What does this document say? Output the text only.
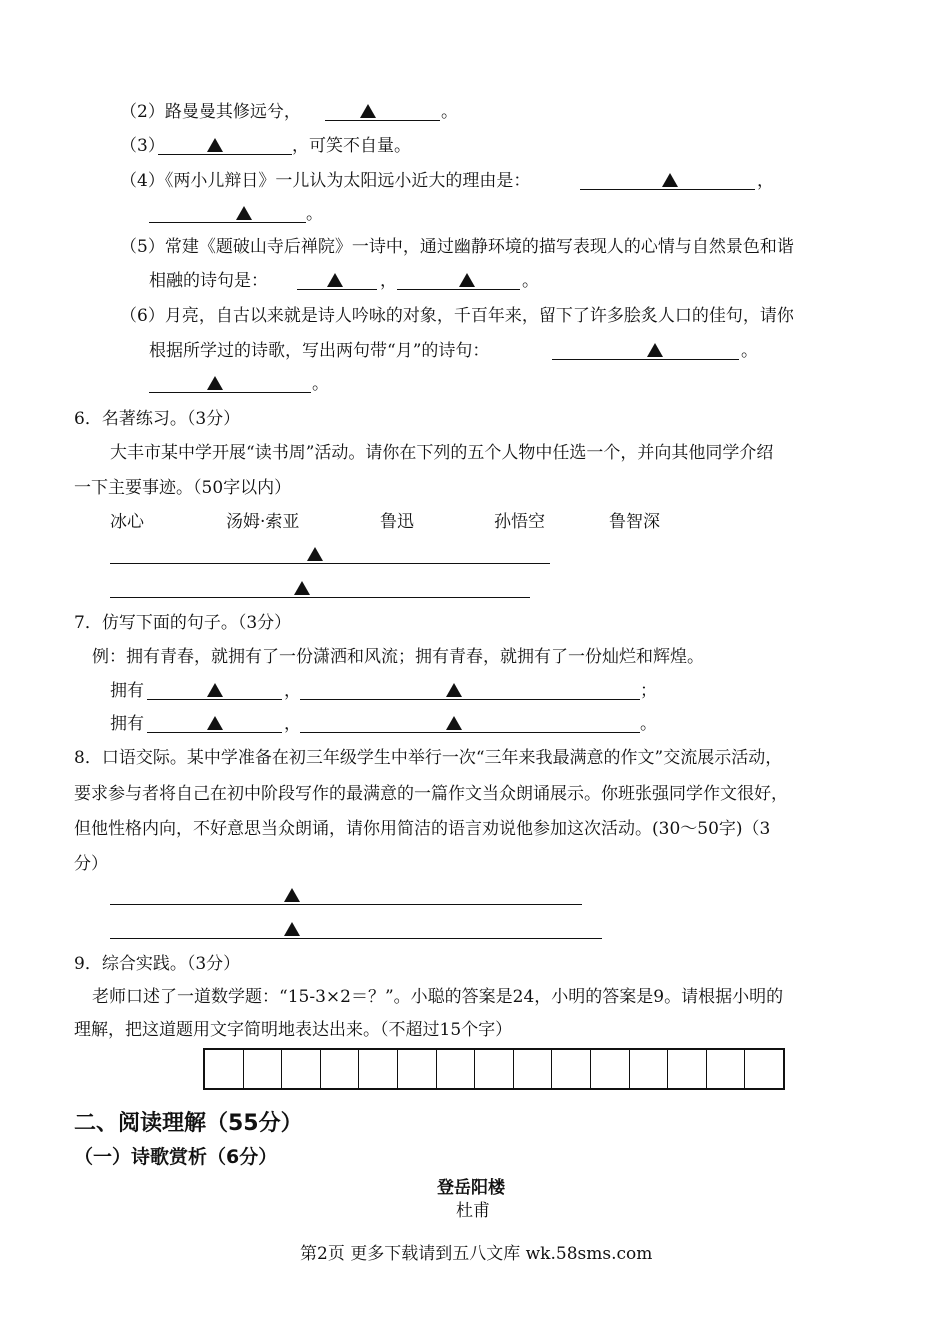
（2）路曼曼其修远兮，	。
（3）	，可笑不自量。
（4）《两小儿辩日》一儿认为太阳远小近大的理由是：	，
。
（5）常建《题破山寺后禅院》一诗中，通过幽静环境的描写表现人的心情与自然景色和谐
相融的诗句是：	，	。
（6）月亮，自古以来就是诗人吟咏的对象，千百年来，留下了许多脍炙人口的佳句，请你
根据所学过的诗歌，写出两句带“月”的诗句：	。
。
6．名著练习。（3分）
大丰市某中学开展“读书周”活动。请你在下列的五个人物中任选一个，并向其他同学介绍
一下主要事迹。（50字以内）
冰心	汤姆·索亚	鲁迅	孙悟空	鲁智深
7．仿写下面的句子。（3分）
例：拥有青春，就拥有了一份潇洒和风流；拥有青春，就拥有了一份灿烂和辉煌。
拥有	，	；
拥有	，	。
8．口语交际。某中学准备在初三年级学生中举行一次“三年来我最满意的作文”交流展示活动，
要求参与者将自己在初中阶段写作的最满意的一篇作文当众朗诵展示。你班张强同学作文很好，
但他性格内向，不好意思当众朗诵，请你用简洁的语言劝说他参加这次活动。(30～50字)（3
分）
9．综合实践。（3分）
老师口述了一道数学题：“15-3×2＝？”。小聪的答案是24，小明的答案是9。请根据小明的
理解，把这道题用文字简明地表达出来。（不超过15个字）
二、阅读理解（55分）
（一）诗歌赏析（6分）
登岳阳楼
杜甫
第2页 更多下载请到五八文库 wk.58sms.com
